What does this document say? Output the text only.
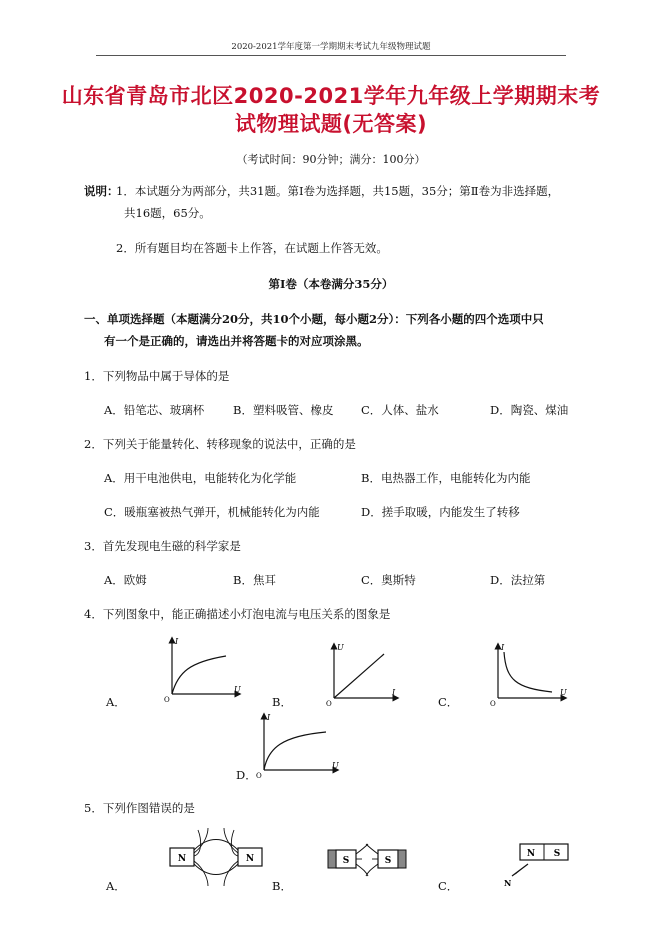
2020-2021学年度第一学期期末考试九年级物理试题
山东省青岛市北区2020-2021学年九年级上学期期末考
试物理试题(无答案)
（考试时间：90分钟；满分：100分）
说明：
1．本试题分为两部分，共31题。第Ⅰ卷为选择题，共15题，35分；第Ⅱ卷为非选择题，
共16题，65分。
2．所有题目均在答题卡上作答，在试题上作答无效。
第Ⅰ卷（本卷满分35分）
一、单项选择题（本题满分20分，共10个小题，每小题2分）：下列各小题的四个选项中只
有一个是正确的，请选出并将答题卡的对应项涂黑。
1．下列物品中属于导体的是
A．铅笔芯、玻璃杯 B．塑料吸管、橡皮 C．人体、盐水	D．陶瓷、煤油
2．下列关于能量转化、转移现象的说法中，正确的是
A．用干电池供电，电能转化为化学能	B．电热器工作，电能转化为内能
C．暖瓶塞被热气弹开，机械能转化为内能	D．搓手取暖，内能发生了转移
3．首先发现电生磁的科学家是
A．欧姆	B．焦耳	C．奥斯特	D．法拉第
4．下列图象中，能正确描述小灯泡电流与电压关系的图象是
A．	B．	C．
D．
I
U
O
U
I
O
I
U
O
I
U
O
5．下列作图错误的是
A．	B．	C．
N	N	S	S
N S
N
